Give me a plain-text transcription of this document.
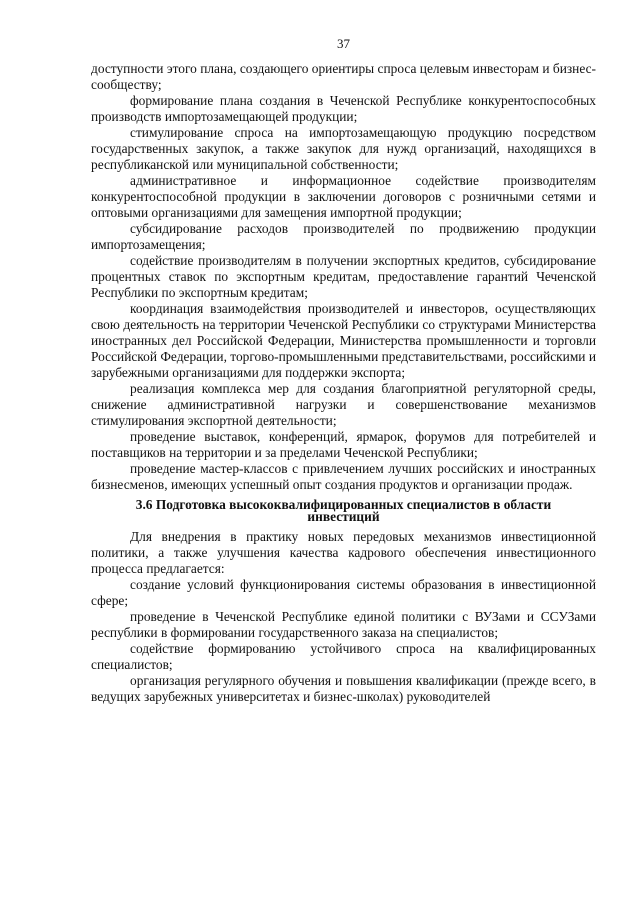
37

доступности этого плана, создающего ориентиры спроса целевым инвесторам и бизнес-сообществу;

формирование плана создания в Чеченской Республике конкурентоспособных производств импортозамещающей продукции;

стимулирование спроса на импортозамещающую продукцию посредством государственных закупок, а также закупок для нужд организаций, находящихся в республиканской или муниципальной собственности;

административное и информационное содействие производителям конкурентоспособной продукции в заключении договоров с розничными сетями и оптовыми организациями для замещения импортной продукции;

субсидирование расходов производителей по продвижению продукции импортозамещения;

содействие производителям в получении экспортных кредитов, субсидирование процентных ставок по экспортным кредитам, предоставление гарантий Чеченской Республики по экспортным кредитам;

координация взаимодействия производителей и инвесторов, осуществляющих свою деятельность на территории Чеченской Республики со структурами Министерства иностранных дел Российской Федерации, Министерства промышленности и торговли Российской Федерации, торгово-промышленными представительствами, российскими и зарубежными организациями для поддержки экспорта;

реализация комплекса мер для создания благоприятной регуляторной среды, снижение административной нагрузки и совершенствование механизмов стимулирования экспортной деятельности;

проведение выставок, конференций, ярмарок, форумов для потребителей и поставщиков на территории и за пределами Чеченской Республики;

проведение мастер-классов с привлечением лучших российских и иностранных бизнесменов, имеющих успешный опыт создания продуктов и организации продаж.

3.6 Подготовка высококвалифицированных специалистов в области
инвестиций

Для внедрения в практику новых передовых механизмов инвестиционной политики, а также улучшения качества кадрового обеспечения инвестиционного процесса предлагается:

создание условий функционирования системы образования в инвестиционной сфере;

проведение в Чеченской Республике единой политики с ВУЗами и ССУЗами республики в формировании государственного заказа на специалистов;

содействие формированию устойчивого спроса на квалифицированных специалистов;

организация регулярного обучения и повышения квалификации (прежде всего, в ведущих зарубежных университетах и бизнес-школах) руководителей
